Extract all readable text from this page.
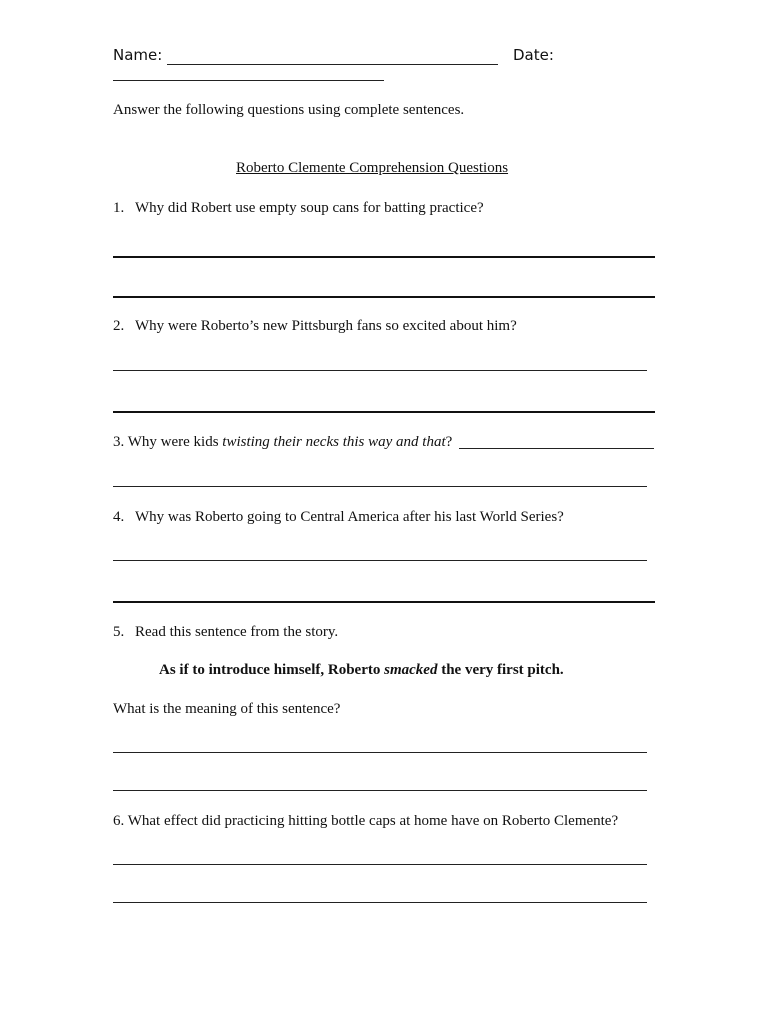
Name:	Date:
Answer the following questions using complete sentences.
Roberto Clemente Comprehension Questions
1. Why did Robert use empty soup cans for batting practice?
2. Why were Roberto’s new Pittsburgh fans so excited about him?
3. Why were kids twisting their necks this way and that?
4. Why was Roberto going to Central America after his last World Series?
5. Read this sentence from the story.
As if to introduce himself, Roberto smacked the very first pitch.
What is the meaning of this sentence?
6. What effect did practicing hitting bottle caps at home have on Roberto Clemente?
